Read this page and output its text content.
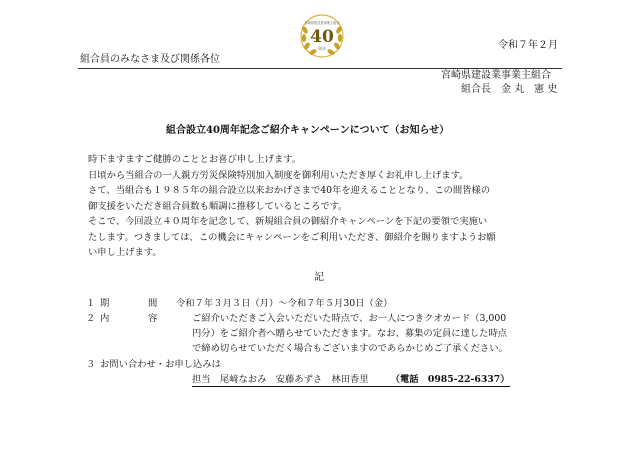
宮崎県建設業事業主組合
40
周年	令和７年２月
組合員のみなさま及び関係各位
宮崎県建設業事業主組合
組合長　金 丸　憲 史
組合設立40周年記念ご紹介キャンペーンについて（お知らせ）
時下ますますご健勝のこととお喜び申し上げます。
日頃から当組合の一人親方労災保険特別加入制度を御利用いただき厚くお礼申し上げます。
さて、当組合も１９８５年の組合設立以来おかげさまで40年を迎えることとなり、この間皆様の
御支援をいただき組合員数も順調に推移しているところです。
そこで、今回設立４０周年を記念して、新規組合員の御紹介キャンペーンを下記の要領で実施い
たします。つきましては、この機会にキャンペーンをご利用いただき、御紹介を賜りますようお願
い申し上げます。
記
１ 期	間 令和７年３月３日（月）～令和７年５月30日（金）
２ 内	容	ご紹介いただきご入会いただいた時点で、お一人につきクオカード（3,000
円分）をご紹介者へ贈らせていただきます。なお、募集の定員に達した時点
で締め切らせていただく場合もございますのであらかじめご了承ください。
３ お問い合わせ・お申し込みは
担当　尾﨑なおみ　安藤あずさ　林田香里 （電話　0985-22-6337）
